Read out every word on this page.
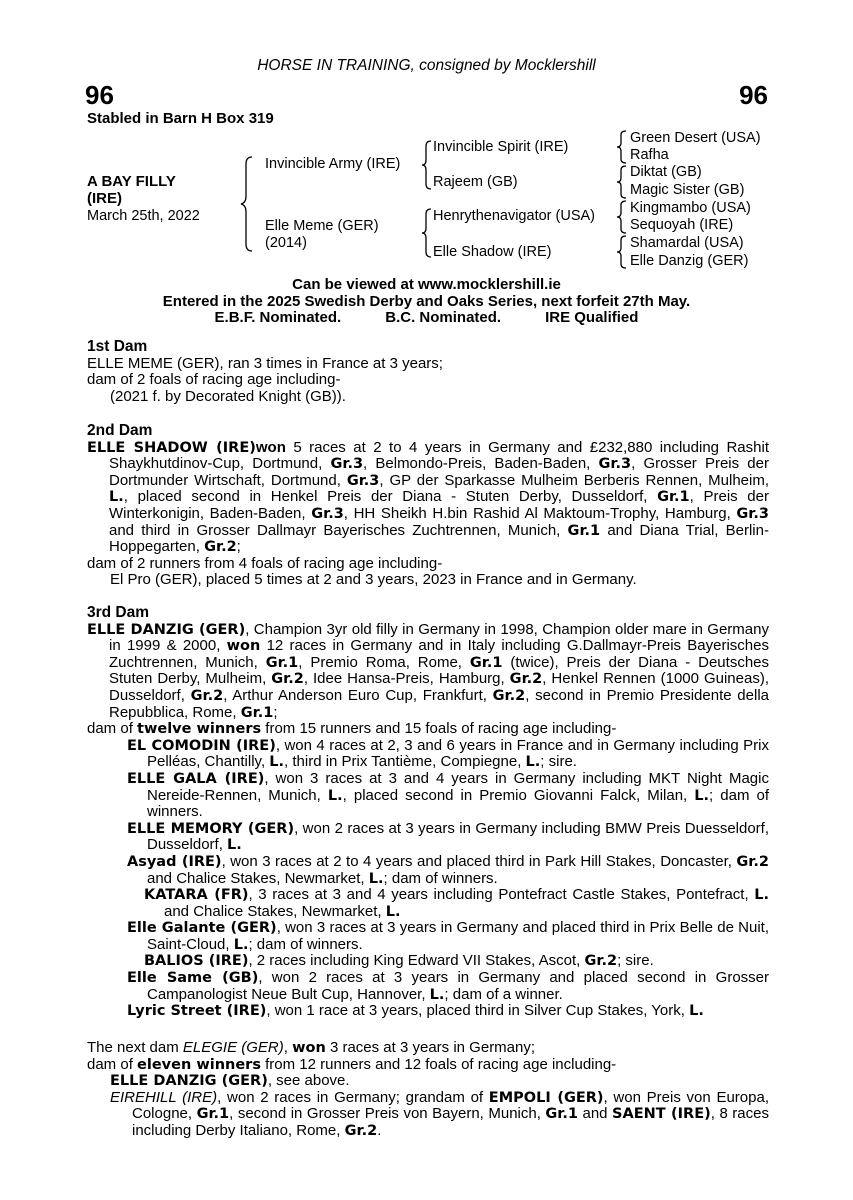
HORSE IN TRAINING, consigned by Mocklershill
96	96
Stabled in Barn H Box 319
A BAY FILLY
(IRE)
March 25th, 2022
Invincible Army (IRE)
Elle Meme (GER)
(2014)
Invincible Spirit (IRE)
Rajeem (GB)
Henrythenavigator (USA)
Elle Shadow (IRE)
Green Desert (USA)
Rafha
Diktat (GB)
Magic Sister (GB)
Kingmambo (USA)
Sequoyah (IRE)
Shamardal (USA)
Elle Danzig (GER)
Can be viewed at www.mocklershill.ie
Entered in the 2025 Swedish Derby and Oaks Series, next forfeit 27th May.
E.B.F. Nominated.	B.C. Nominated.	IRE Qualified
1st Dam
ELLE MEME (GER), ran 3 times in France at 3 years;
dam of 2 foals of racing age including-
(2021 f. by Decorated Knight (GB)).
2nd Dam
ELLE SHADOW (IRE)won 5 races at 2 to 4 years in Germany and £232,880 including Rashit Shaykhutdinov-Cup, Dortmund, Gr.3, Belmondo-Preis, Baden-Baden, Gr.3, Grosser Preis der Dortmunder Wirtschaft, Dortmund, Gr.3, GP der Sparkasse Mulheim Berberis Rennen, Mulheim, L., placed second in Henkel Preis der Diana - Stuten Derby, Dusseldorf, Gr.1, Preis der Winterkonigin, Baden-Baden, Gr.3, HH Sheikh H.bin Rashid Al Maktoum-Trophy, Hamburg, Gr.3 and third in Grosser Dallmayr Bayerisches Zuchtrennen, Munich, Gr.1 and Diana Trial, Berlin-Hoppegarten, Gr.2;
dam of 2 runners from 4 foals of racing age including-
El Pro (GER), placed 5 times at 2 and 3 years, 2023 in France and in Germany.
3rd Dam
ELLE DANZIG (GER), Champion 3yr old filly in Germany in 1998, Champion older mare in Germany in 1999 & 2000, won 12 races in Germany and in Italy including G.Dallmayr-Preis Bayerisches Zuchtrennen, Munich, Gr.1, Premio Roma, Rome, Gr.1 (twice), Preis der Diana - Deutsches Stuten Derby, Mulheim, Gr.2, Idee Hansa-Preis, Hamburg, Gr.2, Henkel Rennen (1000 Guineas), Dusseldorf, Gr.2, Arthur Anderson Euro Cup, Frankfurt, Gr.2, second in Premio Presidente della Repubblica, Rome, Gr.1;
dam of twelve winners from 15 runners and 15 foals of racing age including-
EL COMODIN (IRE), won 4 races at 2, 3 and 6 years in France and in Germany including Prix Pelléas, Chantilly, L., third in Prix Tantième, Compiegne, L.; sire.
ELLE GALA (IRE), won 3 races at 3 and 4 years in Germany including MKT Night Magic Nereide-Rennen, Munich, L., placed second in Premio Giovanni Falck, Milan, L.; dam of winners.
ELLE MEMORY (GER), won 2 races at 3 years in Germany including BMW Preis Duesseldorf, Dusseldorf, L.
Asyad (IRE), won 3 races at 2 to 4 years and placed third in Park Hill Stakes, Doncaster, Gr.2 and Chalice Stakes, Newmarket, L.; dam of winners.
KATARA (FR), 3 races at 3 and 4 years including Pontefract Castle Stakes, Pontefract, L. and Chalice Stakes, Newmarket, L.
Elle Galante (GER), won 3 races at 3 years in Germany and placed third in Prix Belle de Nuit, Saint-Cloud, L.; dam of winners.
BALIOS (IRE), 2 races including King Edward VII Stakes, Ascot, Gr.2; sire.
Elle Same (GB), won 2 races at 3 years in Germany and placed second in Grosser Campanologist Neue Bult Cup, Hannover, L.; dam of a winner.
Lyric Street (IRE), won 1 race at 3 years, placed third in Silver Cup Stakes, York, L.
The next dam ELEGIE (GER), won 3 races at 3 years in Germany;
dam of eleven winners from 12 runners and 12 foals of racing age including-
ELLE DANZIG (GER), see above.
EIREHILL (IRE), won 2 races in Germany; grandam of EMPOLI (GER), won Preis von Europa, Cologne, Gr.1, second in Grosser Preis von Bayern, Munich, Gr.1 and SAENT (IRE), 8 races including Derby Italiano, Rome, Gr.2.
